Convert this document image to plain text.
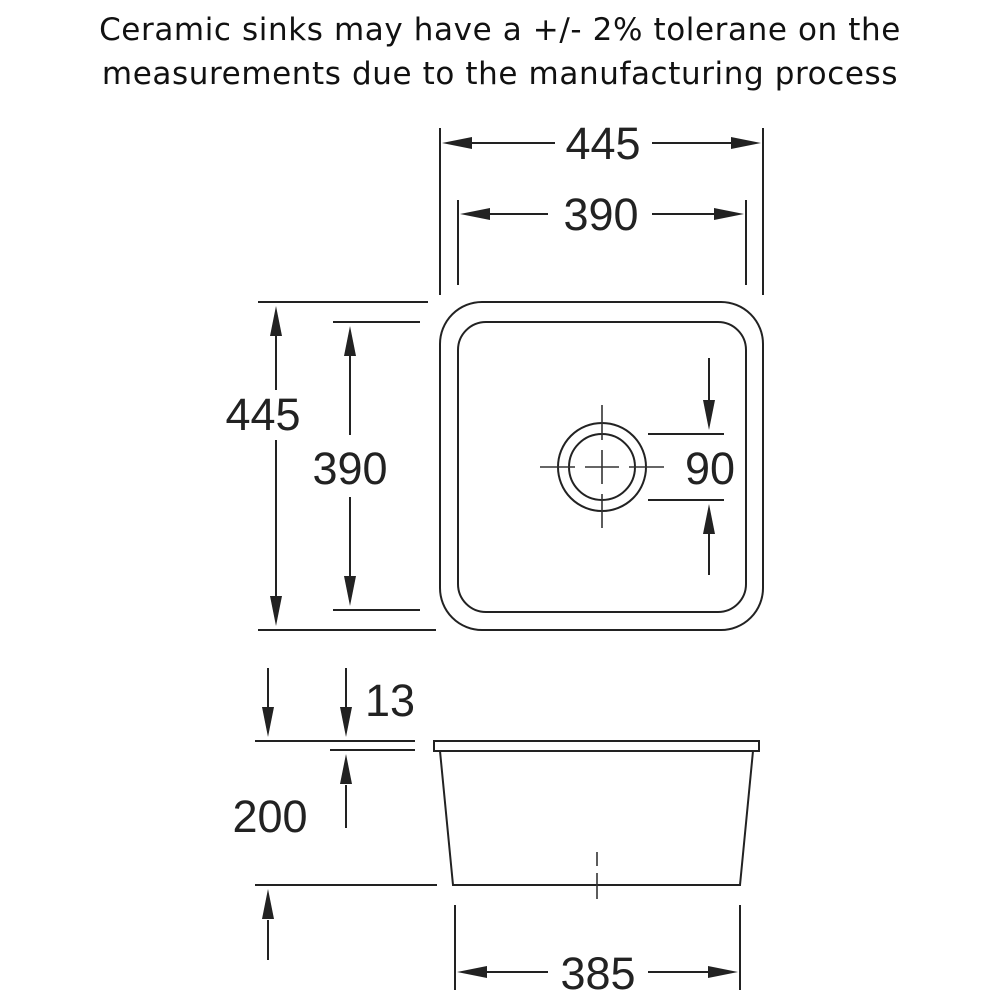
Ceramic sinks may have a +/- 2% tolerane on the
measurements due to the manufacturing process
445
390
445
390	90
13
200
385
